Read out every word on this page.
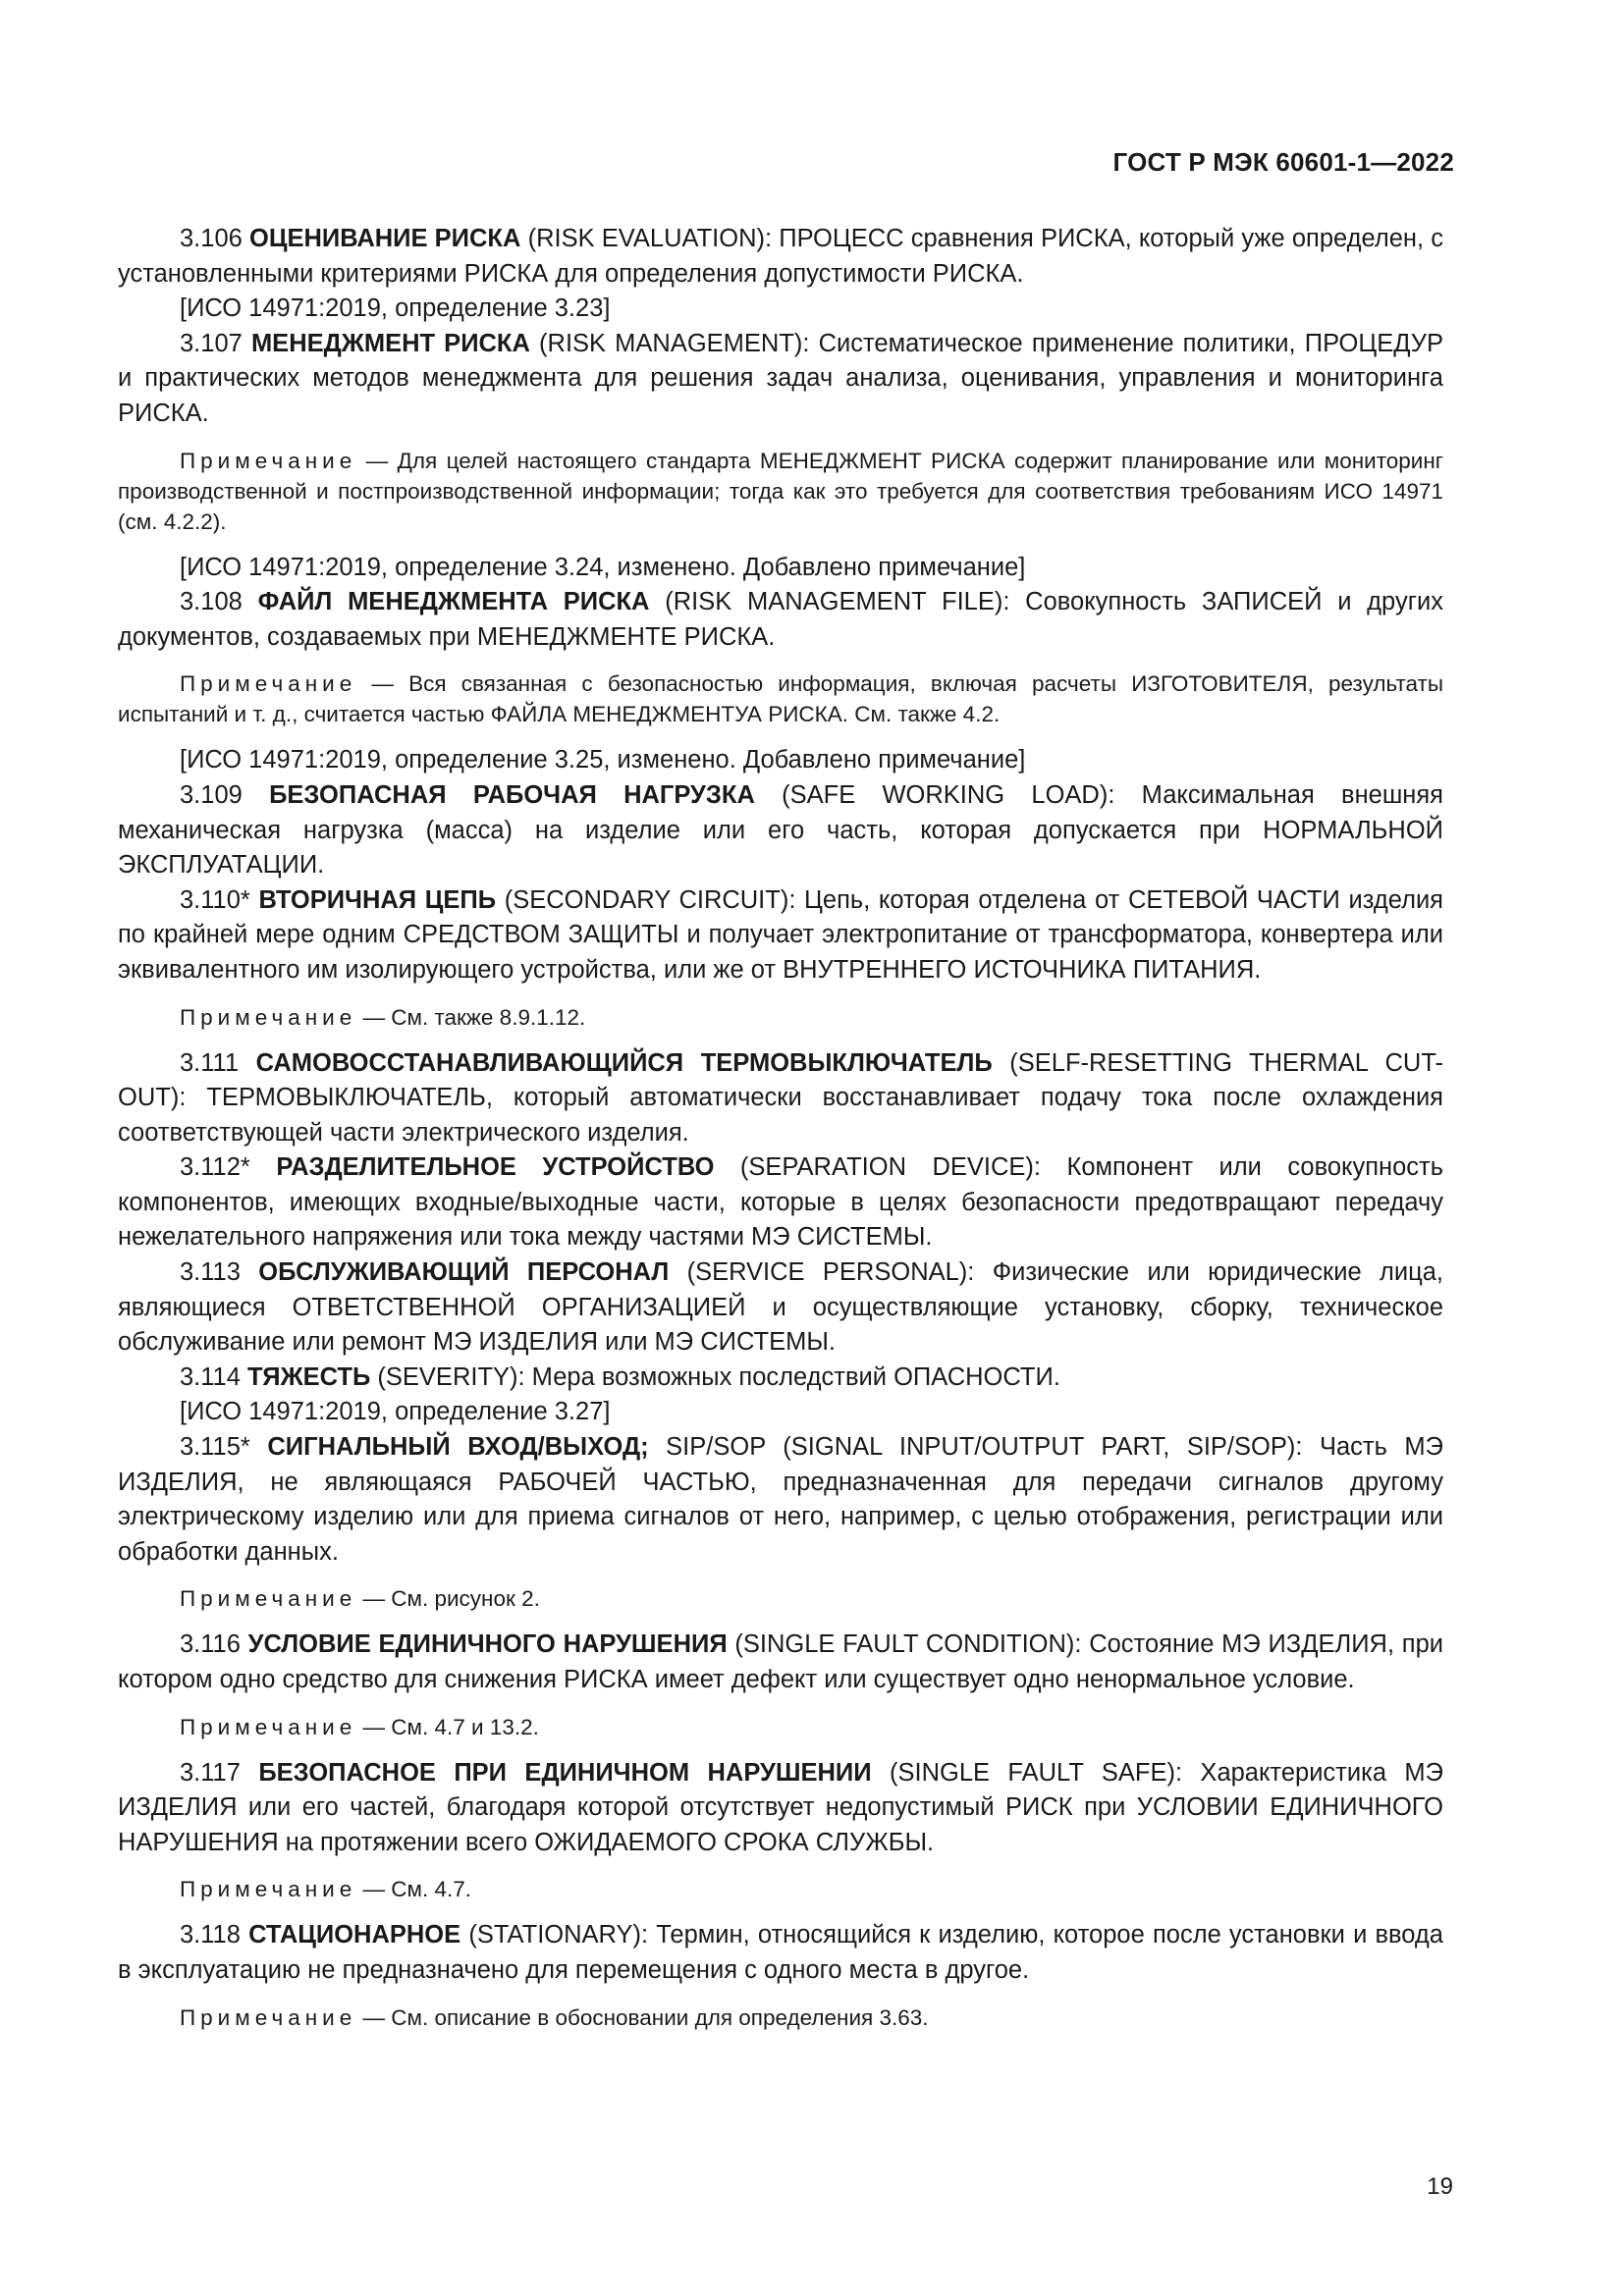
ГОСТ Р МЭК 60601-1—2022

3.106 ОЦЕНИВАНИЕ РИСКА (RISK EVALUATION): ПРОЦЕСС сравнения РИСКА, который уже определен, с установленными критериями РИСКА для определения допустимости РИСКА.

[ИСО 14971:2019, определение 3.23]

3.107 МЕНЕДЖМЕНТ РИСКА (RISK MANAGEMENT): Систематическое применение политики, ПРОЦЕДУР и практических методов менеджмента для решения задач анализа, оценивания, управления и мониторинга РИСКА.

Примечание — Для целей настоящего стандарта МЕНЕДЖМЕНТ РИСКА содержит планирование или мониторинг производственной и постпроизводственной информации; тогда как это требуется для соответствия требованиям ИСО 14971 (см. 4.2.2).

[ИСО 14971:2019, определение 3.24, изменено. Добавлено примечание]

3.108 ФАЙЛ МЕНЕДЖМЕНТА РИСКА (RISK MANAGEMENT FILE): Совокупность ЗАПИСЕЙ и других документов, создаваемых при МЕНЕДЖМЕНТЕ РИСКА.

Примечание — Вся связанная с безопасностью информация, включая расчеты ИЗГОТОВИТЕЛЯ, результаты испытаний и т. д., считается частью ФАЙЛА МЕНЕДЖМЕНТУА РИСКА. См. также 4.2.

[ИСО 14971:2019, определение 3.25, изменено. Добавлено примечание]

3.109 БЕЗОПАСНАЯ РАБОЧАЯ НАГРУЗКА (SAFE WORKING LOAD): Максимальная внешняя механическая нагрузка (масса) на изделие или его часть, которая допускается при НОРМАЛЬНОЙ ЭКСПЛУАТАЦИИ.

3.110* ВТОРИЧНАЯ ЦЕПЬ (SECONDARY CIRCUIT): Цепь, которая отделена от СЕТЕВОЙ ЧАСТИ изделия по крайней мере одним СРЕДСТВОМ ЗАЩИТЫ и получает электропитание от трансформатора, конвертера или эквивалентного им изолирующего устройства, или же от ВНУТРЕННЕГО ИСТОЧНИКА ПИТАНИЯ.

Примечание — См. также 8.9.1.12.

3.111 САМОВОССТАНАВЛИВАЮЩИЙСЯ ТЕРМОВЫКЛЮЧАТЕЛЬ (SELF-RESETTING THERMAL CUT-OUT): ТЕРМОВЫКЛЮЧАТЕЛЬ, который автоматически восстанавливает подачу тока после охлаждения соответствующей части электрического изделия.

3.112* РАЗДЕЛИТЕЛЬНОЕ УСТРОЙСТВО (SEPARATION DEVICE): Компонент или совокупность компонентов, имеющих входные/выходные части, которые в целях безопасности предотвращают передачу нежелательного напряжения или тока между частями МЭ СИСТЕМЫ.

3.113 ОБСЛУЖИВАЮЩИЙ ПЕРСОНАЛ (SERVICE PERSONAL): Физические или юридические лица, являющиеся ОТВЕТСТВЕННОЙ ОРГАНИЗАЦИЕЙ и осуществляющие установку, сборку, техническое обслуживание или ремонт МЭ ИЗДЕЛИЯ или МЭ СИСТЕМЫ.

3.114 ТЯЖЕСТЬ (SEVERITY): Мера возможных последствий ОПАСНОСТИ.

[ИСО 14971:2019, определение 3.27]

3.115* СИГНАЛЬНЫЙ ВХОД/ВЫХОД; SIP/SOP (SIGNAL INPUT/OUTPUT PART, SIP/SOP): Часть МЭ ИЗДЕЛИЯ, не являющаяся РАБОЧЕЙ ЧАСТЬЮ, предназначенная для передачи сигналов другому электрическому изделию или для приема сигналов от него, например, с целью отображения, регистрации или обработки данных.

Примечание — См. рисунок 2.

3.116 УСЛОВИЕ ЕДИНИЧНОГО НАРУШЕНИЯ (SINGLE FAULT CONDITION): Состояние МЭ ИЗДЕЛИЯ, при котором одно средство для снижения РИСКА имеет дефект или существует одно ненормальное условие.

Примечание — См. 4.7 и 13.2.

3.117 БЕЗОПАСНОЕ ПРИ ЕДИНИЧНОМ НАРУШЕНИИ (SINGLE FAULT SAFE): Характеристика МЭ ИЗДЕЛИЯ или его частей, благодаря которой отсутствует недопустимый РИСК при УСЛОВИИ ЕДИНИЧНОГО НАРУШЕНИЯ на протяжении всего ОЖИДАЕМОГО СРОКА СЛУЖБЫ.

Примечание — См. 4.7.

3.118 СТАЦИОНАРНОЕ (STATIONARY): Термин, относящийся к изделию, которое после установки и ввода в эксплуатацию не предназначено для перемещения с одного места в другое.

Примечание — См. описание в обосновании для определения 3.63.

19
